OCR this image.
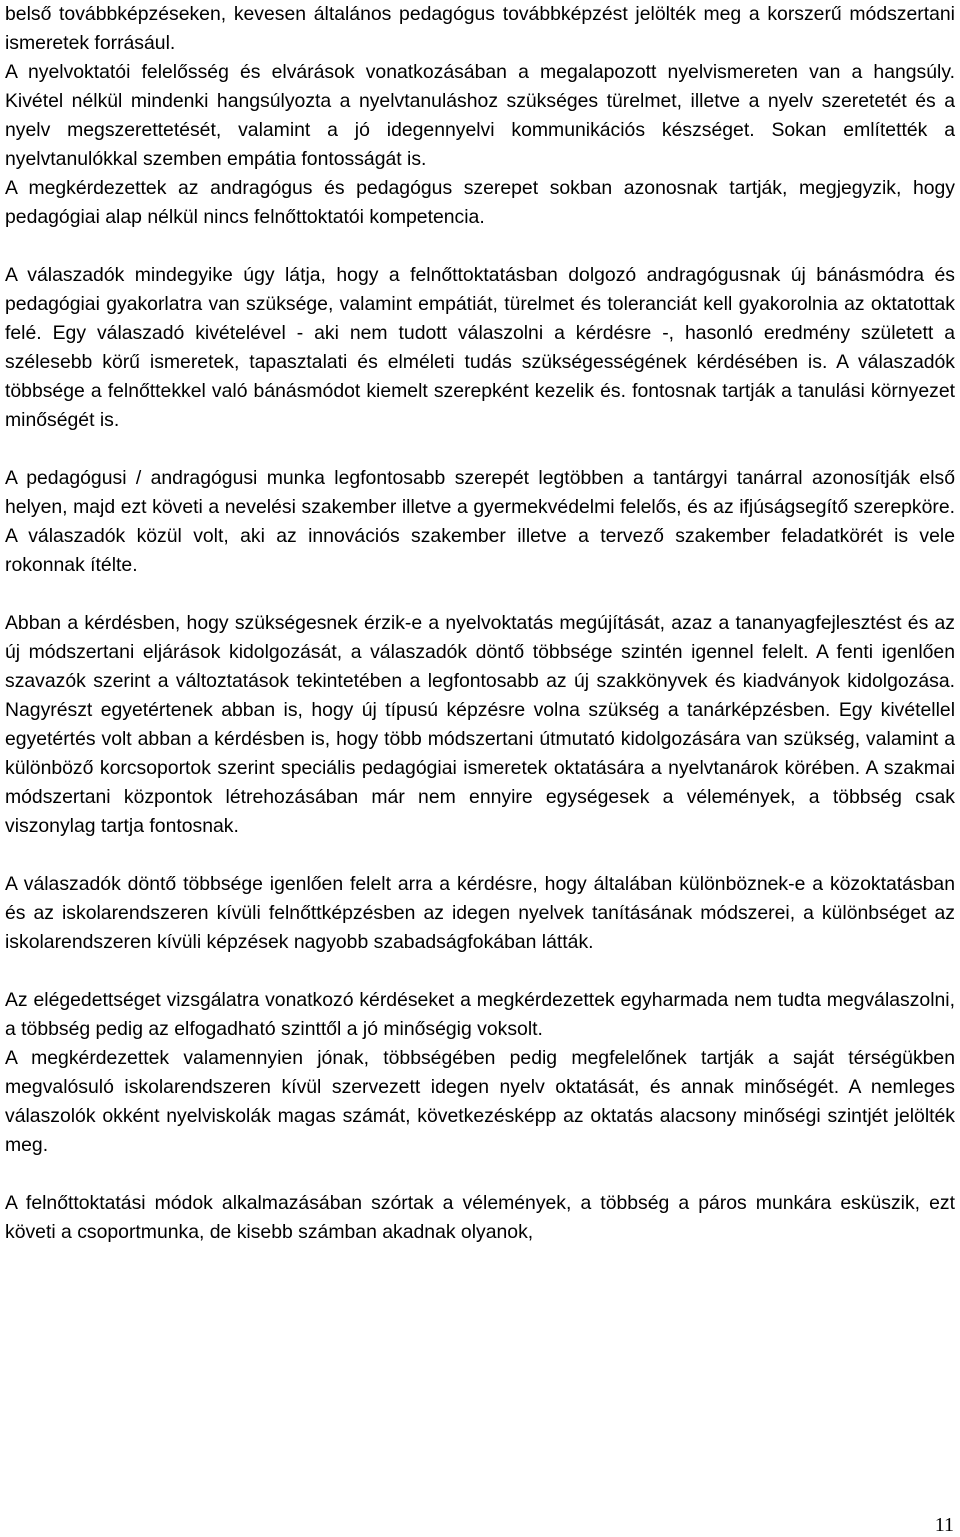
belső továbbképzéseken, kevesen általános pedagógus továbbképzést jelölték meg a korszerű módszertani ismeretek forrásául.

A nyelvoktatói felelősség és elvárások vonatkozásában a megalapozott nyelvismereten van a hangsúly. Kivétel nélkül mindenki hangsúlyozta a nyelvtanuláshoz szükséges türelmet, illetve a nyelv szeretetét és a nyelv megszerettetését, valamint a jó idegennyelvi kommunikációs készséget. Sokan említették a nyelvtanulókkal szemben empátia fontosságát is.

A megkérdezettek az andragógus és pedagógus szerepet sokban azonosnak tartják, megjegyzik, hogy pedagógiai alap nélkül nincs felnőttoktatói kompetencia.

A válaszadók mindegyike úgy látja, hogy a felnőttoktatásban dolgozó andragógusnak új bánásmódra és pedagógiai gyakorlatra van szüksége, valamint empátiát, türelmet és toleranciát kell gyakorolnia az oktatottak felé. Egy válaszadó kivételével - aki nem tudott válaszolni a kérdésre -, hasonló eredmény született a szélesebb körű ismeretek, tapasztalati és elméleti tudás szükségességének kérdésében is. A válaszadók többsége a felnőttekkel való bánásmódot kiemelt szerepként kezelik és. fontosnak tartják a tanulási környezet minőségét is.

A pedagógusi / andragógusi munka legfontosabb szerepét legtöbben a tantárgyi tanárral azonosítják első helyen, majd ezt követi a nevelési szakember illetve a gyermekvédelmi felelős, és az ifjúságsegítő szerepköre. A válaszadók közül volt, aki az innovációs szakember illetve a tervező szakember feladatkörét is vele rokonnak ítélte.

Abban a kérdésben, hogy szükségesnek érzik-e a nyelvoktatás megújítását, azaz a tananyagfejlesztést és az új módszertani eljárások kidolgozását, a válaszadók döntő többsége szintén igennel felelt. A fenti igenlően szavazók szerint a változtatások tekintetében a legfontosabb az új szakkönyvek és kiadványok kidolgozása. Nagyrészt egyetértenek abban is, hogy új típusú képzésre volna szükség a tanárképzésben. Egy kivétellel egyetértés volt abban a kérdésben is, hogy több módszertani útmutató kidolgozására van szükség, valamint a különböző korcsoportok szerint speciális pedagógiai ismeretek oktatására a nyelvtanárok körében. A szakmai módszertani központok létrehozásában már nem ennyire egységesek a vélemények, a többség csak viszonylag tartja fontosnak.

A válaszadók döntő többsége igenlően felelt arra a kérdésre, hogy általában különböznek-e a közoktatásban és az iskolarendszeren kívüli felnőttképzésben az idegen nyelvek tanításának módszerei, a különbséget az iskolarendszeren kívüli képzések nagyobb szabadságfokában látták.

Az elégedettséget vizsgálatra vonatkozó kérdéseket a megkérdezettek egyharmada nem tudta megválaszolni, a többség pedig az elfogadható szinttől a jó minőségig voksolt.

A megkérdezettek valamennyien jónak, többségében pedig megfelelőnek tartják a saját térségükben megvalósuló iskolarendszeren kívül szervezett idegen nyelv oktatását, és annak minőségét. A nemleges válaszolók okként nyelviskolák magas számát, következésképp az oktatás alacsony minőségi szintjét jelölték meg.

A felnőttoktatási módok alkalmazásában szórtak a vélemények, a többség a páros munkára esküszik, ezt követi a csoportmunka, de kisebb számban akadnak olyanok,

11
